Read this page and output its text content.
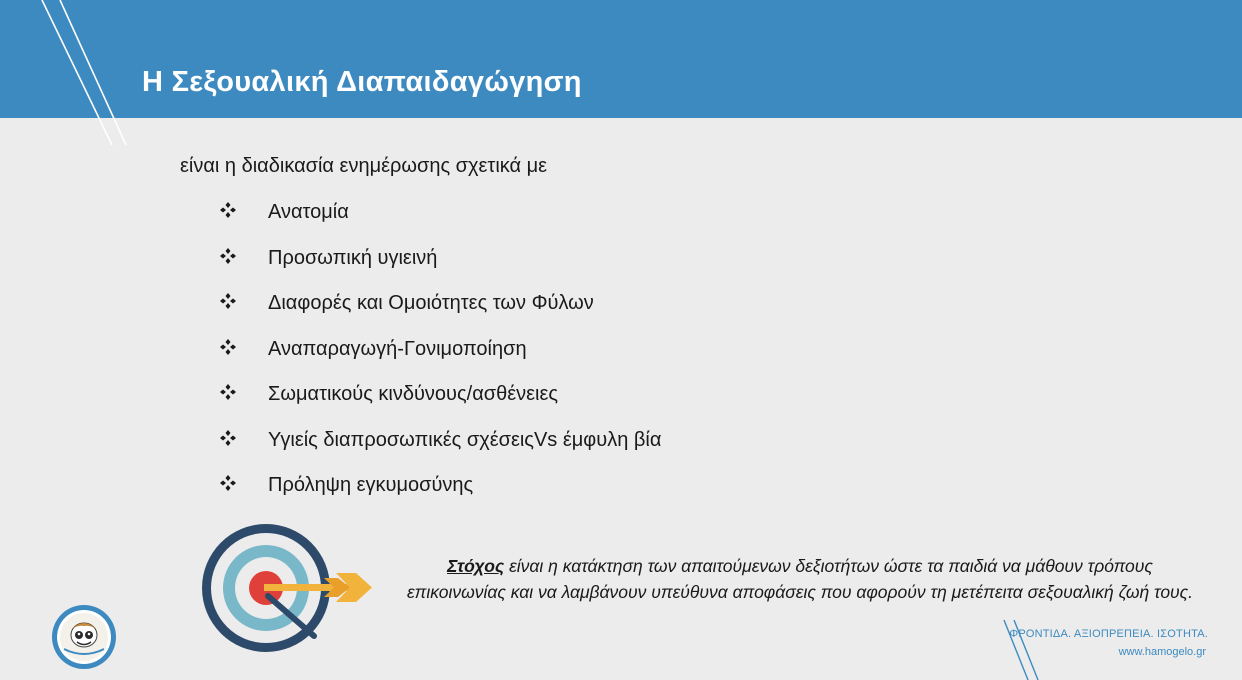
Η Σεξουαλική Διαπαιδαγώγηση
είναι η διαδικασία ενημέρωσης σχετικά με
Ανατομία
Προσωπική υγιεινή
Διαφορές και Ομοιότητες των Φύλων
Αναπαραγωγή-Γονιμοποίηση
Σωματικούς κινδύνους/ασθένειες
Υγιείς διαπροσωπικές σχέσειςVs έμφυλη βία
Πρόληψη εγκυμοσύνης
Στόχος είναι η κατάκτηση των απαιτούμενων δεξιοτήτων ώστε τα παιδιά να μάθουν τρόπους επικοινωνίας και να λαμβάνουν υπεύθυνα αποφάσεις που αφορούν τη μετέπειτα σεξουαλική ζωή τους.
ΦΡΟΝΤΙΔΑ. ΑΞΙΟΠΡΕΠΕΙΑ. ΙΣΟΤΗΤΑ.
www.hamogelo.gr
